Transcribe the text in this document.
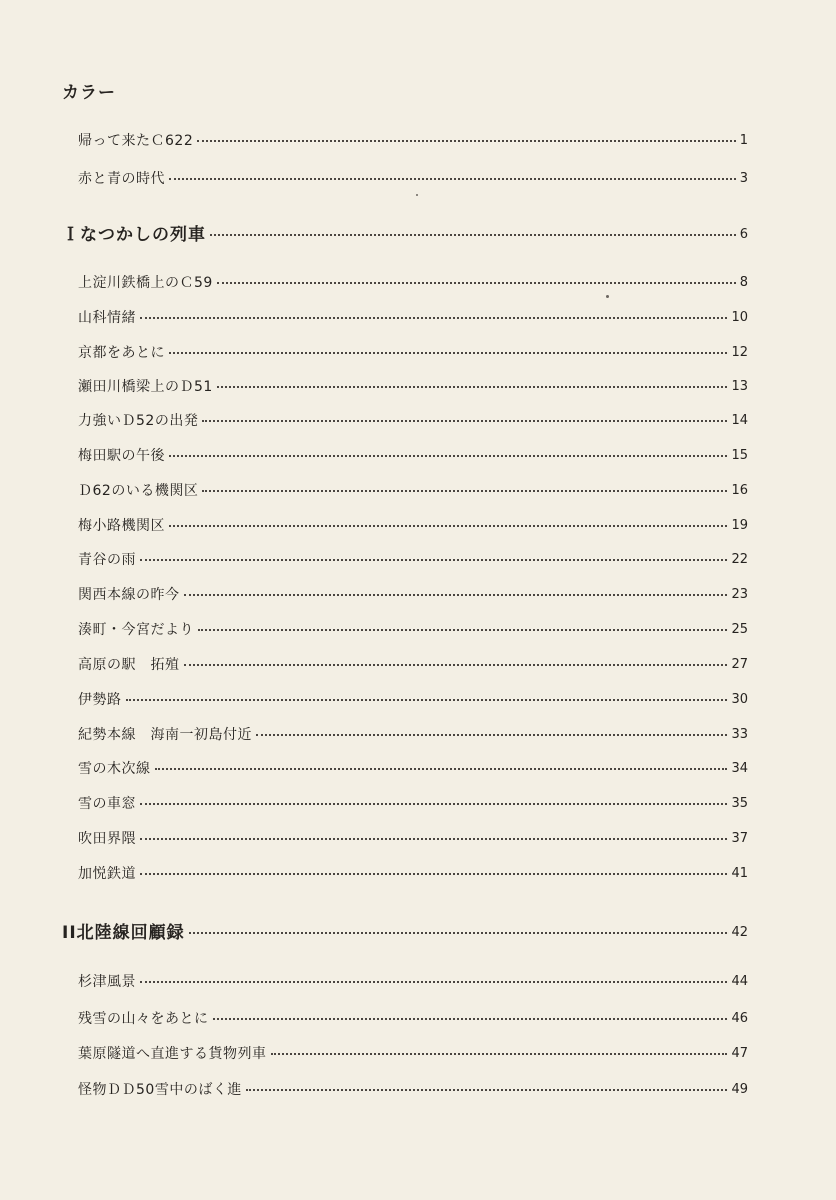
カラー
帰って来たＣ622	1
赤と青の時代	3
Ｉなつかしの列車	6
上淀川鉄橋上のＣ59	8
山科情緒	10
京都をあとに	12
瀬田川橋梁上のＤ51	13
力強いＤ52の出発	14
梅田駅の午後	15
Ｄ62のいる機関区	16
梅小路機関区	19
青谷の雨	22
関西本線の昨今	23
湊町・今宮だより	25
高原の駅　拓殖	27
伊勢路	30
紀勢本線　海南一初島付近	33
雪の木次線	34
雪の車窓	35
吹田界隈	37
加悦鉄道	41
II北陸線回顧録	42
杉津風景	44
残雪の山々をあとに	46
葉原隧道へ直進する貨物列車	47
怪物ＤＤ50雪中のばく進	49
